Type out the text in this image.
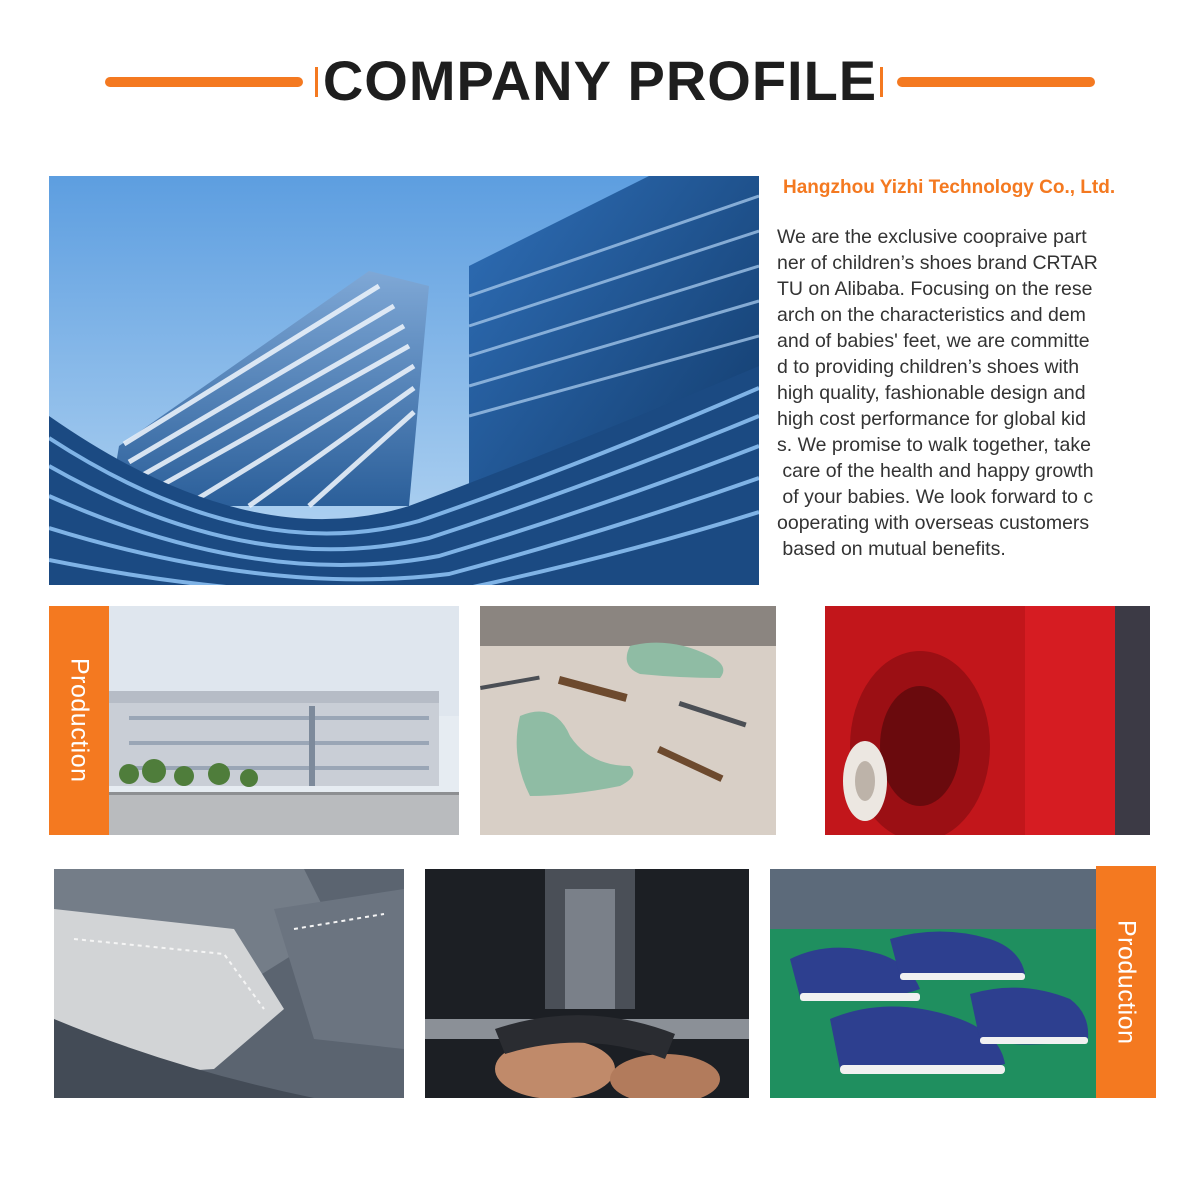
COMPANY PROFILE
Hangzhou Yizhi Technology Co., Ltd.
We are the exclusive coopraive part
ner of children’s shoes brand CRTAR
TU on Alibaba. Focusing on the rese
arch on the characteristics and dem
and of babies' feet, we are committe
d to providing children’s shoes with
high quality, fashionable design and
high cost performance for global kid
s. We promise to walk together, take
care of the health and happy growth
of your babies. We look forward to c
ooperating with overseas customers
based on mutual benefits.
Production
Production
